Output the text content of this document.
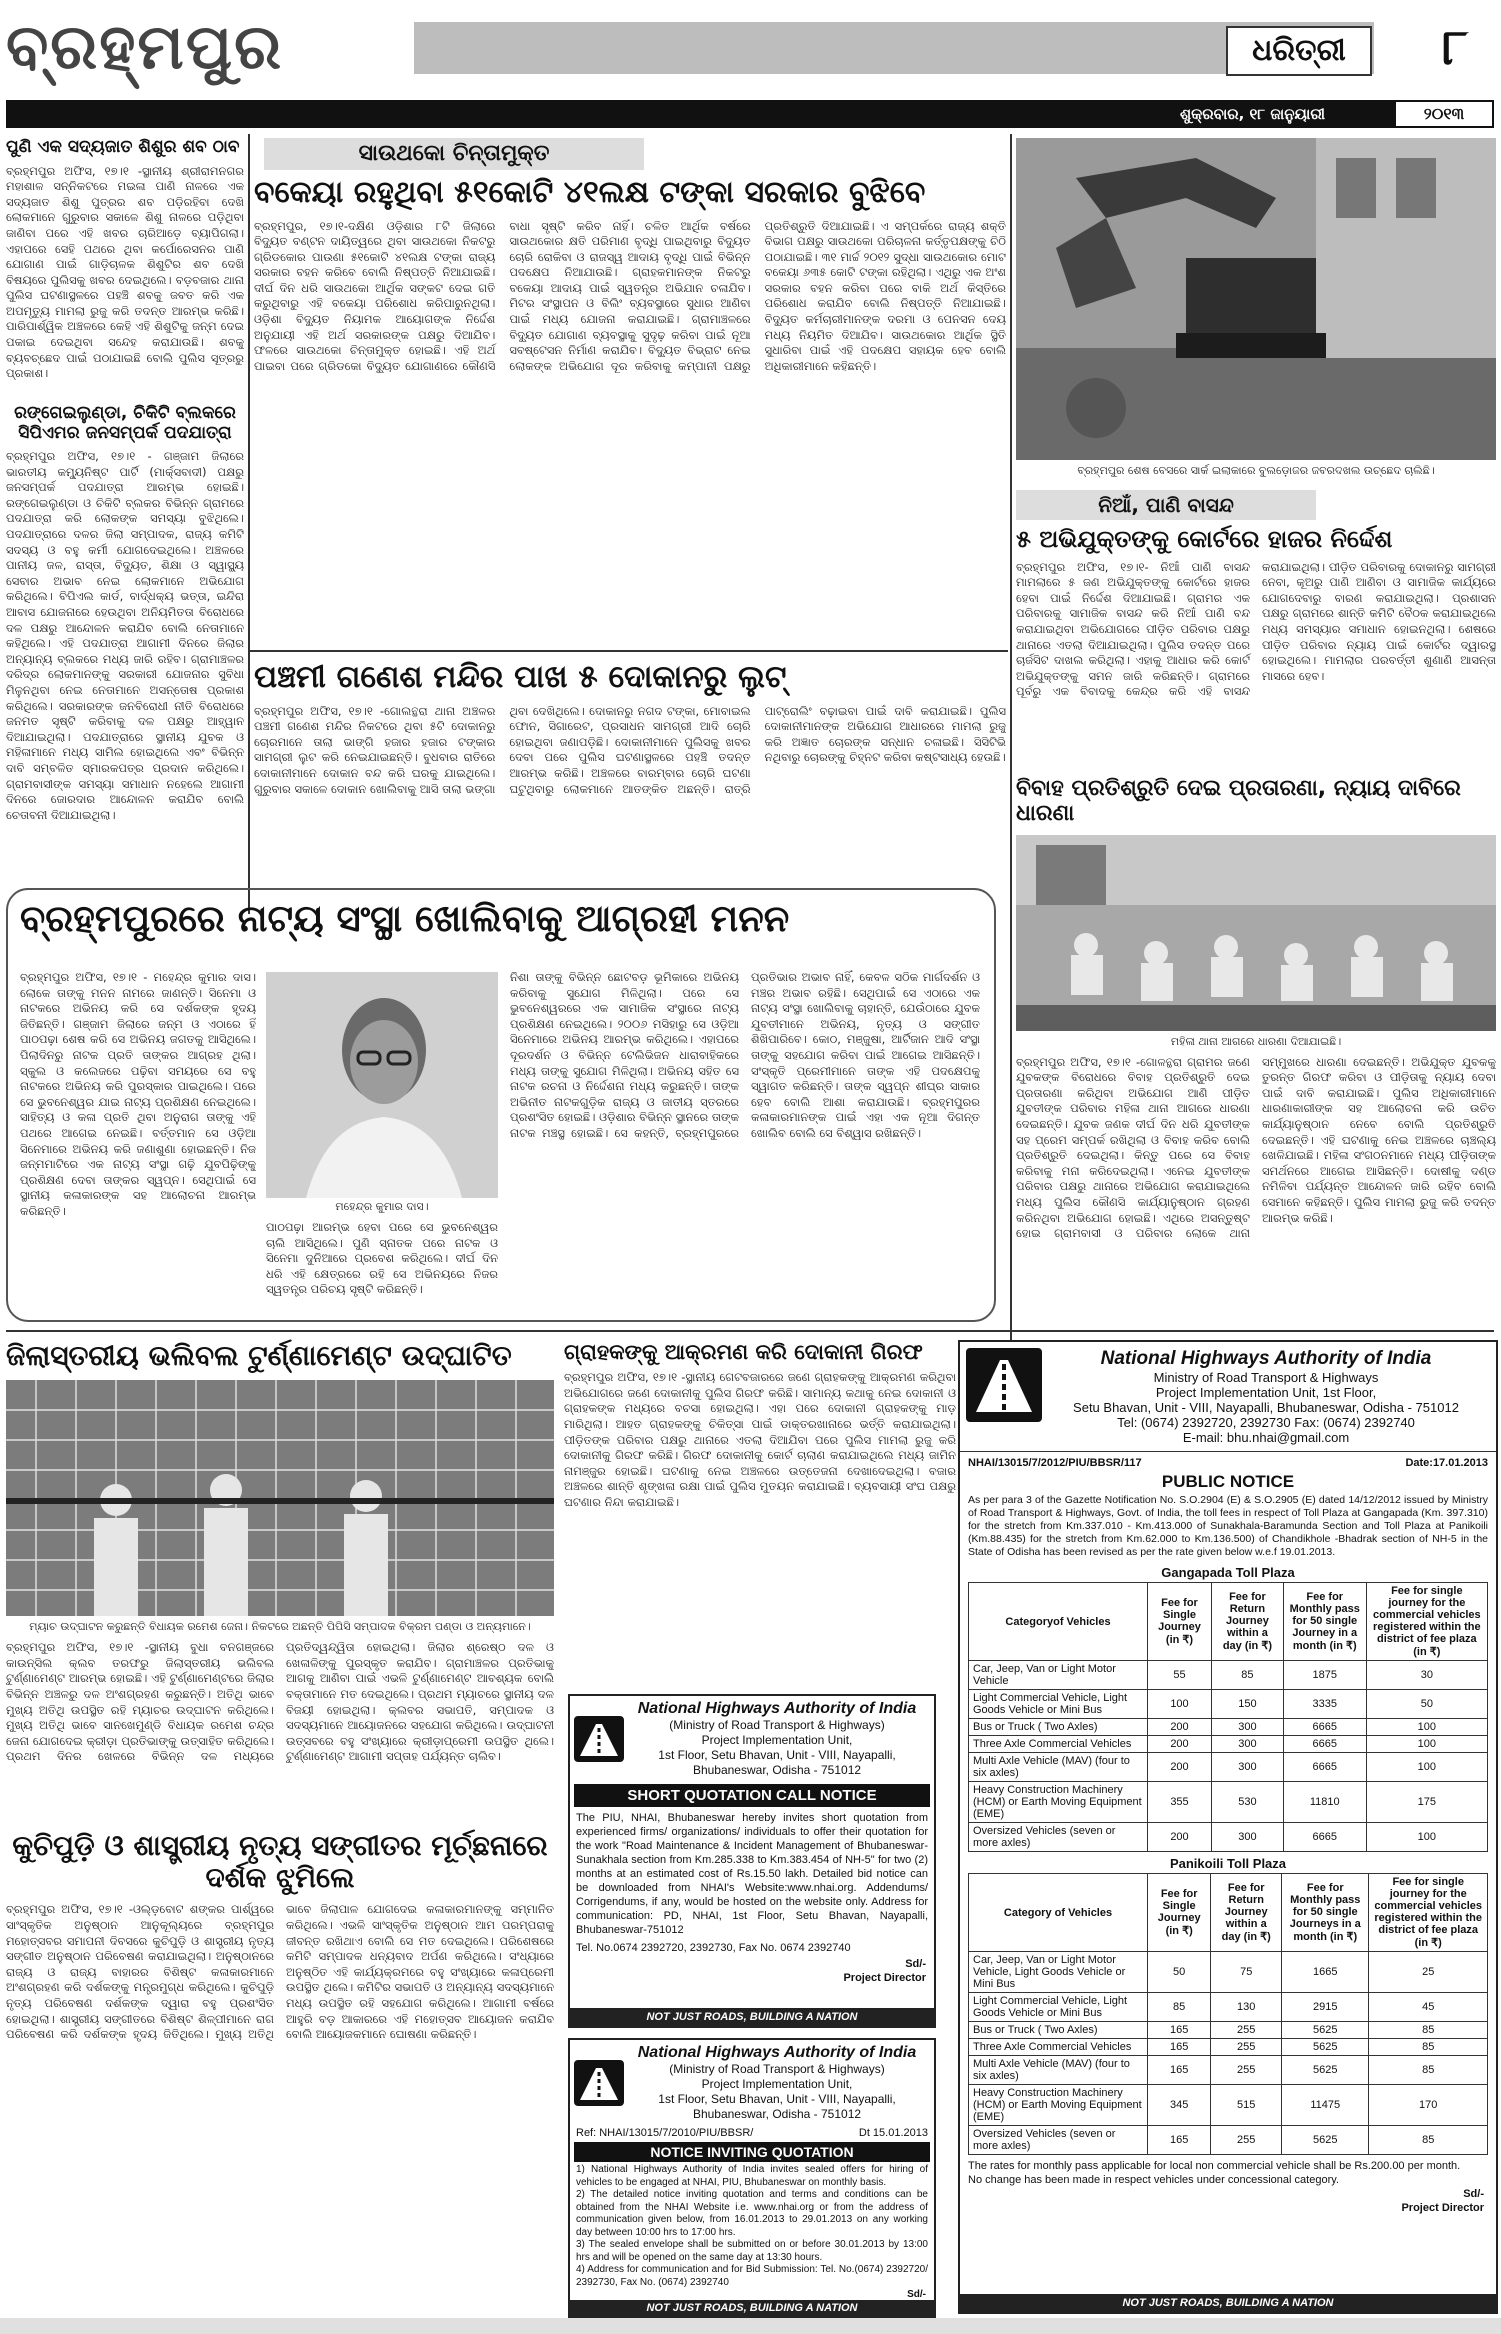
ବ୍ରହ୍ମପୁର	ଧରିତ୍ରୀ	୮
ଶୁକ୍ରବାର, ୧୮ ଜାନୁୟାରୀ	୨୦୧୩
ପୁଣି ଏକ ସଦ୍ୟଜାତ ଶିଶୁର ଶବ ଠାବ
ବ୍ରହ୍ମପୁର ଅଫିସ, ୧୭।୧ -ସ୍ଥାନୀୟ ଶ୍ରୀରାମନଗର ମହାଶାଳ ସନ୍ନିକଟରେ ମଇଳା ପାଣି ନାଳରେ ଏକ ସଦ୍ୟଜାତ ଶିଶୁ ପୁତ୍ରର ଶବ ପଡ଼ିରହିବା ଦେଖି ଲୋକମାନେ ଗୁରୁବାର ସକାଳେ ଶିଶୁ ନାଳରେ ପଡ଼ିଥିବା ଜାଣିବା ପରେ ଏହି ଖବର ଚାରିଆଡ଼େ ବ୍ୟାପିଗଲା। ଏହାପରେ ସେହି ପଥରେ ଥିବା କର୍ପୋରେସନର ପାଣି ଯୋଗାଣ ପାଇଁ ଗାଡ଼ିଚାଳକ ଶିଶୁଟିର ଶବ ଦେଖି ବିଷୟରେ ପୁଲିସକୁ ଖବର ଦେଇଥିଲେ। ବଡ଼ବଜାର ଥାନା ପୁଲିସ ଘଟଣାସ୍ଥଳରେ ପହଞ୍ଚି ଶବକୁ ଜବତ କରି ଏକ ଅପମୃତ୍ୟୁ ମାମଲା ରୁଜୁ କରି ତଦନ୍ତ ଆରମ୍ଭ କରିଛି। ପାରିପାର୍ଶ୍ୱିକ ଅଞ୍ଚଳରେ କେହି ଏହି ଶିଶୁଟିକୁ ଜନ୍ମ ଦେଇ ପକାଇ ଦେଇଥିବା ସନ୍ଦେହ କରାଯାଉଛି। ଶବକୁ ବ୍ୟବଚ୍ଛେଦ ପାଇଁ ପଠାଯାଇଛି ବୋଲି ପୁଲିସ ସୂତ୍ରରୁ ପ୍ରକାଶ।
ରଙ୍ଗେଇଲୁଣ୍ଡା, ଚିକିଟି ବ୍ଲକରେ ସିପିଏମର ଜନସମ୍ପର୍କ ପଦଯାତ୍ରା
ବ୍ରହ୍ମପୁର ଅଫିସ, ୧୭।୧ - ଗଞ୍ଜାମ ଜିଲାରେ ଭାରତୀୟ କମ୍ୟୁନିଷ୍ଟ ପାର୍ଟି (ମାର୍କ୍ସବାଦୀ) ପକ୍ଷରୁ ଜନସମ୍ପର୍କ ପଦଯାତ୍ରା ଆରମ୍ଭ ହୋଇଛି। ରଙ୍ଗେଇଲୁଣ୍ଡା ଓ ଚିକିଟି ବ୍ଲକର ବିଭିନ୍ନ ଗ୍ରାମରେ ପଦଯାତ୍ରା କରି ଲୋକଙ୍କ ସମସ୍ୟା ବୁଝିଥିଲେ। ପଦଯାତ୍ରାରେ ଦଳର ଜିଲା ସମ୍ପାଦକ, ରାଜ୍ୟ କମିଟି ସଦସ୍ୟ ଓ ବହୁ କର୍ମୀ ଯୋଗଦେଇଥିଲେ। ଅଞ୍ଚଳରେ ପାନୀୟ ଜଳ, ରାସ୍ତା, ବିଦ୍ୟୁତ, ଶିକ୍ଷା ଓ ସ୍ୱାସ୍ଥ୍ୟ ସେବାର ଅଭାବ ନେଇ ଲୋକମାନେ ଅଭିଯୋଗ କରିଥିଲେ। ବିପିଏଲ କାର୍ଡ, ବାର୍ଦ୍ଧକ୍ୟ ଭତ୍ତା, ଇନ୍ଦିରା ଆବାସ ଯୋଜନାରେ ହେଉଥିବା ଅନିୟମିତତା ବିରୋଧରେ ଦଳ ପକ୍ଷରୁ ଆନ୍ଦୋଳନ କରାଯିବ ବୋଲି ନେତାମାନେ କହିଥିଲେ। ଏହି ପଦଯାତ୍ରା ଆଗାମୀ ଦିନରେ ଜିଲାର ଅନ୍ୟାନ୍ୟ ବ୍ଲକରେ ମଧ୍ୟ ଜାରି ରହିବ। ଗ୍ରାମାଞ୍ଚଳର ଦରିଦ୍ର ଲୋକମାନଙ୍କୁ ସରକାରୀ ଯୋଜନାର ସୁବିଧା ମିଳୁନଥିବା ନେଇ ନେତାମାନେ ଅସନ୍ତୋଷ ପ୍ରକାଶ କରିଥିଲେ। ସରକାରଙ୍କ ଜନବିରୋଧୀ ନୀତି ବିରୋଧରେ ଜନମତ ସୃଷ୍ଟି କରିବାକୁ ଦଳ ପକ୍ଷରୁ ଆହ୍ୱାନ ଦିଆଯାଇଥିଲା। ପଦଯାତ୍ରାରେ ସ୍ଥାନୀୟ ଯୁବକ ଓ ମହିଳାମାନେ ମଧ୍ୟ ସାମିଲ ହୋଇଥିଲେ ଏବଂ ବିଭିନ୍ନ ଦାବି ସମ୍ବଳିତ ସ୍ମାରକପତ୍ର ପ୍ରଦାନ କରିଥିଲେ। ଗ୍ରାମବାସୀଙ୍କ ସମସ୍ୟା ସମାଧାନ ନହେଲେ ଆଗାମୀ ଦିନରେ ଜୋରଦାର ଆନ୍ଦୋଳନ କରାଯିବ ବୋଲି ଚେତାବନୀ ଦିଆଯାଇଥିଲା।
ସାଉଥକୋ ଚିନ୍ତାମୁକ୍ତ
ବକେୟା ରହୁଥିବା ୫୧କୋଟି ୪୧ଲକ୍ଷ ଟଙ୍କା ସରକାର ବୁଝିବେ
ବ୍ରହ୍ମପୁର, ୧୭।୧-ଦକ୍ଷିଣ ଓଡ଼ିଶାର ୮ଟି ଜିଲାରେ ବିଦ୍ୟୁତ ବଣ୍ଟନ ଦାୟିତ୍ୱରେ ଥିବା ସାଉଥକୋ ନିକଟରୁ ଗ୍ରିଡକୋର ପାଉଣା ୫୧କୋଟି ୪୧ଲକ୍ଷ ଟଙ୍କା ରାଜ୍ୟ ସରକାର ବହନ କରିବେ ବୋଲି ନିଷ୍ପତ୍ତି ନିଆଯାଇଛି। ଦୀର୍ଘ ଦିନ ଧରି ସାଉଥକୋ ଆର୍ଥିକ ସଙ୍କଟ ଦେଇ ଗତି କରୁଥିବାରୁ ଏହି ବକେୟା ପରିଶୋଧ କରିପାରୁନଥିଲା। ଓଡ଼ିଶା ବିଦ୍ୟୁତ ନିୟାମକ ଆୟୋଗଙ୍କ ନିର୍ଦ୍ଦେଶ ଅନୁଯାୟୀ ଏହି ଅର୍ଥ ସରକାରଙ୍କ ପକ୍ଷରୁ ଦିଆଯିବ। ଫଳରେ ସାଉଥକୋ ଚିନ୍ତାମୁକ୍ତ ହୋଇଛି। ଏହି ଅର୍ଥ ପାଇବା ପରେ ଗ୍ରିଡକୋ ବିଦ୍ୟୁତ ଯୋଗାଣରେ କୌଣସି ବାଧା ସୃଷ୍ଟି କରିବ ନାହିଁ। ଚଳିତ ଆର୍ଥିକ ବର୍ଷରେ ସାଉଥକୋର କ୍ଷତି ପରିମାଣ ବୃଦ୍ଧି ପାଇଥିବାରୁ ବିଦ୍ୟୁତ ଚୋରି ରୋକିବା ଓ ରାଜସ୍ୱ ଆଦାୟ ବୃଦ୍ଧି ପାଇଁ ବିଭିନ୍ନ ପଦକ୍ଷେପ ନିଆଯାଉଛି। ଗ୍ରାହକମାନଙ୍କ ନିକଟରୁ ବକେୟା ଆଦାୟ ପାଇଁ ସ୍ୱତନ୍ତ୍ର ଅଭିଯାନ ଚଳାଯିବ। ମିଟର ସଂସ୍ଥାପନ ଓ ବିଲିଂ ବ୍ୟବସ୍ଥାରେ ସୁଧାର ଆଣିବା ପାଇଁ ମଧ୍ୟ ଯୋଜନା କରାଯାଇଛି। ଗ୍ରାମାଞ୍ଚଳରେ ବିଦ୍ୟୁତ ଯୋଗାଣ ବ୍ୟବସ୍ଥାକୁ ସୁଦୃଢ଼ କରିବା ପାଇଁ ନୂଆ ସବଷ୍ଟେସନ ନିର୍ମାଣ କରାଯିବ। ବିଦ୍ୟୁତ ବିଭ୍ରାଟ ନେଇ ଲୋକଙ୍କ ଅଭିଯୋଗ ଦୂର କରିବାକୁ କମ୍ପାନୀ ପକ୍ଷରୁ ପ୍ରତିଶ୍ରୁତି ଦିଆଯାଇଛି। ଏ ସମ୍ପର୍କରେ ରାଜ୍ୟ ଶକ୍ତି ବିଭାଗ ପକ୍ଷରୁ ସାଉଥକୋ ପରିଚାଳନା କର୍ତ୍ତୃପକ୍ଷଙ୍କୁ ଚିଠି ପଠାଯାଇଛି। ୩୧ ମାର୍ଚ୍ଚ ୨୦୧୨ ସୁଦ୍ଧା ସାଉଥକୋର ମୋଟ ବକେୟା ୬୩୫ କୋଟି ଟଙ୍କା ରହିଥିଲା। ଏଥିରୁ ଏକ ଅଂଶ ସରକାର ବହନ କରିବା ପରେ ବାକି ଅର୍ଥ କିସ୍ତିରେ ପରିଶୋଧ କରାଯିବ ବୋଲି ନିଷ୍ପତ୍ତି ନିଆଯାଇଛି। ବିଦ୍ୟୁତ କର୍ମଚାରୀମାନଙ୍କ ଦରମା ଓ ପେନସନ ଦେୟ ମଧ୍ୟ ନିୟମିତ ଦିଆଯିବ। ସାଉଥକୋର ଆର୍ଥିକ ସ୍ଥିତି ସୁଧାରିବା ପାଇଁ ଏହି ପଦକ୍ଷେପ ସହାୟକ ହେବ ବୋଲି ଅଧିକାରୀମାନେ କହିଛନ୍ତି।
ବ୍ରହ୍ମପୁର ଶେଷ ବେସରେ ସାର୍କ ଇଲାକାରେ ବୁଲଡ଼ୋଜର ଜବରଦଖଲ ଉଚ୍ଛେଦ ଚାଲିଛି।
ନିଆଁ, ପାଣି ବାସନ୍ଦ
୫ ଅଭିଯୁକ୍ତଙ୍କୁ କୋର୍ଟରେ ହାଜର ନିର୍ଦ୍ଦେଶ
ବ୍ରହ୍ମପୁର ଅଫିସ, ୧୭।୧- ନିଆଁ ପାଣି ବାସନ୍ଦ ମାମଲାରେ ୫ ଜଣ ଅଭିଯୁକ୍ତଙ୍କୁ କୋର୍ଟରେ ହାଜର ହେବା ପାଇଁ ନିର୍ଦ୍ଦେଶ ଦିଆଯାଇଛି। ଗ୍ରାମର ଏକ ପରିବାରକୁ ସାମାଜିକ ବାସନ୍ଦ କରି ନିଆଁ ପାଣି ବନ୍ଦ କରାଯାଇଥିବା ଅଭିଯୋଗରେ ପୀଡ଼ିତ ପରିବାର ପକ୍ଷରୁ ଥାନାରେ ଏତଲା ଦିଆଯାଇଥିଲା। ପୁଲିସ ତଦନ୍ତ ପରେ ଚାର୍ଜସିଟ ଦାଖଲ କରିଥିଲା। ଏହାକୁ ଆଧାର କରି କୋର୍ଟ ଅଭିଯୁକ୍ତଙ୍କୁ ସମନ ଜାରି କରିଛନ୍ତି। ଗ୍ରାମରେ ପୂର୍ବରୁ ଏକ ବିବାଦକୁ କେନ୍ଦ୍ର କରି ଏହି ବାସନ୍ଦ କରାଯାଇଥିଲା। ପୀଡ଼ିତ ପରିବାରକୁ ଦୋକାନରୁ ସାମଗ୍ରୀ ନେବା, କୂଅରୁ ପାଣି ଆଣିବା ଓ ସାମାଜିକ କାର୍ଯ୍ୟରେ ଯୋଗଦେବାରୁ ବାରଣ କରାଯାଇଥିଲା। ପ୍ରଶାସନ ପକ୍ଷରୁ ଗ୍ରାମରେ ଶାନ୍ତି କମିଟି ବୈଠକ କରାଯାଇଥିଲେ ମଧ୍ୟ ସମସ୍ୟାର ସମାଧାନ ହୋଇନଥିଲା। ଶେଷରେ ପୀଡ଼ିତ ପରିବାର ନ୍ୟାୟ ପାଇଁ କୋର୍ଟର ଦ୍ୱାରସ୍ଥ ହୋଇଥିଲେ। ମାମଲାର ପରବର୍ତ୍ତୀ ଶୁଣାଣି ଆସନ୍ତା ମାସରେ ହେବ।
ପଞ୍ଚମୀ ଗଣେଶ ମନ୍ଦିର ପାଖ ୫ ଦୋକାନରୁ ଲୁଟ୍
ବ୍ରହ୍ମପୁର ଅଫିସ, ୧୭।୧ -ଗୋଲନ୍ଥରା ଥାନା ଅଞ୍ଚଳର ପଞ୍ଚମୀ ଗଣେଶ ମନ୍ଦିର ନିକଟରେ ଥିବା ୫ଟି ଦୋକାନରୁ ଚୋରମାନେ ତାଲା ଭାଙ୍ଗି ହଜାର ହଜାର ଟଙ୍କାର ସାମଗ୍ରୀ ଲୁଟ କରି ନେଇଯାଇଛନ୍ତି। ବୁଧବାର ରାତିରେ ଦୋକାନୀମାନେ ଦୋକାନ ବନ୍ଦ କରି ଘରକୁ ଯାଇଥିଲେ। ଗୁରୁବାର ସକାଳେ ଦୋକାନ ଖୋଲିବାକୁ ଆସି ତାଲା ଭଙ୍ଗା ଥିବା ଦେଖିଥିଲେ। ଦୋକାନରୁ ନଗଦ ଟଙ୍କା, ମୋବାଇଲ ଫୋନ, ସିଗାରେଟ, ପ୍ରସାଧନ ସାମଗ୍ରୀ ଆଦି ଚୋରି ହୋଇଥିବା ଜଣାପଡ଼ିଛି। ଦୋକାନୀମାନେ ପୁଲିସକୁ ଖବର ଦେବା ପରେ ପୁଲିସ ଘଟଣାସ୍ଥଳରେ ପହଞ୍ଚି ତଦନ୍ତ ଆରମ୍ଭ କରିଛି। ଅଞ୍ଚଳରେ ବାରମ୍ବାର ଚୋରି ଘଟଣା ଘଟୁଥିବାରୁ ଲୋକମାନେ ଆତଙ୍କିତ ଅଛନ୍ତି। ରାତ୍ରି ପାଟ୍ରୋଲିଂ ବଢ଼ାଇବା ପାଇଁ ଦାବି କରାଯାଇଛି। ପୁଲିସ ଦୋକାନୀମାନଙ୍କ ଅଭିଯୋଗ ଆଧାରରେ ମାମଲା ରୁଜୁ କରି ଅଜ୍ଞାତ ଚୋରଙ୍କ ସନ୍ଧାନ ଚଳାଇଛି। ସିସିଟିଭି ନଥିବାରୁ ଚୋରଙ୍କୁ ଚିହ୍ନଟ କରିବା କଷ୍ଟସାଧ୍ୟ ହେଉଛି।
ବ୍ରହ୍ମପୁରରେ ନାଟ୍ୟ ସଂସ୍ଥା ଖୋଲିବାକୁ ଆଗ୍ରହୀ ମନନ
ବ୍ରହ୍ମପୁର ଅଫିସ, ୧୭।୧ - ମହେନ୍ଦ୍ର କୁମାର ଦାସ। ଲୋକେ ତାଙ୍କୁ ମନନ ନାମରେ ଜାଣନ୍ତି। ସିନେମା ଓ ନାଟକରେ ଅଭିନୟ କରି ସେ ଦର୍ଶକଙ୍କ ହୃଦୟ ଜିତିଛନ୍ତି। ଗଞ୍ଜାମ ଜିଲାରେ ଜନ୍ମ ଓ ଏଠାରେ ହିଁ ପାଠପଢ଼ା ଶେଷ କରି ସେ ଅଭିନୟ ଜଗତକୁ ଆସିଥିଲେ। ପିଲାଦିନରୁ ନାଟକ ପ୍ରତି ତାଙ୍କର ଆଗ୍ରହ ଥିଲା। ସ୍କୁଲ ଓ କଲେଜରେ ପଢ଼ିବା ସମୟରେ ସେ ବହୁ ନାଟକରେ ଅଭିନୟ କରି ପୁରସ୍କାର ପାଇଥିଲେ। ପରେ ସେ ଭୁବନେଶ୍ୱର ଯାଇ ନାଟ୍ୟ ପ୍ରଶିକ୍ଷଣ ନେଇଥିଲେ। ସାହିତ୍ୟ ଓ କଳା ପ୍ରତି ଥିବା ଅନୁରାଗ ତାଙ୍କୁ ଏହି ପଥରେ ଆଗେଇ ନେଇଛି। ବର୍ତ୍ତମାନ ସେ ଓଡ଼ିଆ ସିନେମାରେ ଅଭିନୟ କରି ଜଣାଶୁଣା ହୋଇଛନ୍ତି। ନିଜ ଜନ୍ମମାଟିରେ ଏକ ନାଟ୍ୟ ସଂସ୍ଥା ଗଢ଼ି ଯୁବପିଢ଼ିଙ୍କୁ ପ୍ରଶିକ୍ଷଣ ଦେବା ତାଙ୍କର ସ୍ୱପ୍ନ। ସେଥିପାଇଁ ସେ ସ୍ଥାନୀୟ କଳାକାରଙ୍କ ସହ ଆଲୋଚନା ଆରମ୍ଭ କରିଛନ୍ତି।	ମହେନ୍ଦ୍ର କୁମାର ଦାସ।
ପାଠପଢ଼ା ଆରମ୍ଭ ହେବା ପରେ ସେ ଭୁବନେଶ୍ୱର ଚାଲି ଆସିଥିଲେ। ପୁଣି ସ୍ନାତକ ପରେ ନାଟକ ଓ ସିନେମା ଦୁନିଆରେ ପ୍ରବେଶ କରିଥିଲେ। ଦୀର୍ଘ ଦିନ ଧରି ଏହି କ୍ଷେତ୍ରରେ ରହି ସେ ଅଭିନୟରେ ନିଜର ସ୍ୱତନ୍ତ୍ର ପରିଚୟ ସୃଷ୍ଟି କରିଛନ୍ତି।
ନିଶା ତାଙ୍କୁ ବିଭିନ୍ନ ଛୋଟବଡ଼ ଭୂମିକାରେ ଅଭିନୟ କରିବାକୁ ସୁଯୋଗ ମିଳିଥିଲା। ପରେ ସେ ଭୁବନେଶ୍ୱରରେ ଏକ ସାମାଜିକ ସଂସ୍ଥାରେ ନାଟ୍ୟ ପ୍ରଶିକ୍ଷଣ ନେଇଥିଲେ। ୨୦୦୬ ମସିହାରୁ ସେ ଓଡ଼ିଆ ସିନେମାରେ ଅଭିନୟ ଆରମ୍ଭ କରିଥିଲେ। ଏହାପରେ ଦୂରଦର୍ଶନ ଓ ବିଭିନ୍ନ ଟେଲିଭିଜନ ଧାରାବାହିକରେ ମଧ୍ୟ ତାଙ୍କୁ ସୁଯୋଗ ମିଳିଥିଲା। ଅଭିନୟ ସହିତ ସେ ନାଟକ ରଚନା ଓ ନିର୍ଦ୍ଦେଶନା ମଧ୍ୟ କରୁଛନ୍ତି। ତାଙ୍କ ଅଭିନୀତ ନାଟକଗୁଡ଼ିକ ରାଜ୍ୟ ଓ ଜାତୀୟ ସ୍ତରରେ ପ୍ରଶଂସିତ ହୋଇଛି। ଓଡ଼ିଶାର ବିଭିନ୍ନ ସ୍ଥାନରେ ତାଙ୍କ ନାଟକ ମଞ୍ଚସ୍ଥ ହୋଇଛି। ସେ କହନ୍ତି, ବ୍ରହ୍ମପୁରରେ ପ୍ରତିଭାର ଅଭାବ ନାହିଁ, କେବଳ ସଠିକ ମାର୍ଗଦର୍ଶନ ଓ ମଞ୍ଚର ଅଭାବ ରହିଛି। ସେଥିପାଇଁ ସେ ଏଠାରେ ଏକ ନାଟ୍ୟ ସଂସ୍ଥା ଖୋଲିବାକୁ ଚାହାନ୍ତି, ଯେଉଁଠାରେ ଯୁବକ ଯୁବତୀମାନେ ଅଭିନୟ, ନୃତ୍ୟ ଓ ସଙ୍ଗୀତ ଶିଖିପାରିବେ। କୋଠ, ମଞ୍ଜୁଷା, ଆର୍ଟିଜାନ ଆଦି ସଂସ୍ଥା ତାଙ୍କୁ ସହଯୋଗ କରିବା ପାଇଁ ଆଗେଇ ଆସିଛନ୍ତି। ସଂସ୍କୃତି ପ୍ରେମୀମାନେ ତାଙ୍କ ଏହି ପଦକ୍ଷେପକୁ ସ୍ୱାଗତ କରିଛନ୍ତି। ତାଙ୍କ ସ୍ୱପ୍ନ ଶୀଘ୍ର ସାକାର ହେବ ବୋଲି ଆଶା କରାଯାଉଛି। ବ୍ରହ୍ମପୁରର କଳାକାରମାନଙ୍କ ପାଇଁ ଏହା ଏକ ନୂଆ ଦିଗନ୍ତ ଖୋଲିବ ବୋଲି ସେ ବିଶ୍ୱାସ ରଖିଛନ୍ତି।
ବିବାହ ପ୍ରତିଶ୍ରୁତି ଦେଇ ପ୍ରତାରଣା, ନ୍ୟାୟ ଦାବିରେ ଧାରଣା
ମହିଳା ଥାନା ଆଗରେ ଧାରଣା ଦିଆଯାଇଛି।
ବ୍ରହ୍ମପୁର ଅଫିସ, ୧୭।୧ -ଗୋଳନ୍ଥରା ଗ୍ରାମର ଜଣେ ଯୁବକଙ୍କ ବିରୋଧରେ ବିବାହ ପ୍ରତିଶ୍ରୁତି ଦେଇ ପ୍ରତାରଣା କରିଥିବା ଅଭିଯୋଗ ଆଣି ପୀଡ଼ିତ ଯୁବତୀଙ୍କ ପରିବାର ମହିଳା ଥାନା ଆଗରେ ଧାରଣା ଦେଇଛନ୍ତି। ଯୁବକ ଜଣକ ଦୀର୍ଘ ଦିନ ଧରି ଯୁବତୀଙ୍କ ସହ ପ୍ରେମ ସମ୍ପର୍କ ରଖିଥିଲା ଓ ବିବାହ କରିବ ବୋଲି ପ୍ରତିଶ୍ରୁତି ଦେଇଥିଲା। କିନ୍ତୁ ପରେ ସେ ବିବାହ କରିବାକୁ ମନା କରିଦେଇଥିଲା। ଏନେଇ ଯୁବତୀଙ୍କ ପରିବାର ପକ୍ଷରୁ ଥାନାରେ ଅଭିଯୋଗ କରାଯାଇଥିଲେ ମଧ୍ୟ ପୁଲିସ କୌଣସି କାର୍ଯ୍ୟାନୁଷ୍ଠାନ ଗ୍ରହଣ କରିନଥିବା ଅଭିଯୋଗ ହୋଇଛି। ଏଥିରେ ଅସନ୍ତୁଷ୍ଟ ହୋଇ ଗ୍ରାମବାସୀ ଓ ପରିବାର ଲୋକେ ଥାନା ସମ୍ମୁଖରେ ଧାରଣା ଦେଇଛନ୍ତି। ଅଭିଯୁକ୍ତ ଯୁବକକୁ ତୁରନ୍ତ ଗିରଫ କରିବା ଓ ପୀଡ଼ିତାକୁ ନ୍ୟାୟ ଦେବା ପାଇଁ ଦାବି କରାଯାଇଛି। ପୁଲିସ ଅଧିକାରୀମାନେ ଧାରଣାକାରୀଙ୍କ ସହ ଆଲୋଚନା କରି ଉଚିତ କାର୍ଯ୍ୟାନୁଷ୍ଠାନ ନେବେ ବୋଲି ପ୍ରତିଶ୍ରୁତି ଦେଇଛନ୍ତି। ଏହି ଘଟଣାକୁ ନେଇ ଅଞ୍ଚଳରେ ଚାଞ୍ଚଲ୍ୟ ଖେଳିଯାଇଛି। ମହିଳା ସଂଗଠନମାନେ ମଧ୍ୟ ପୀଡ଼ିତାଙ୍କ ସମର୍ଥନରେ ଆଗେଇ ଆସିଛନ୍ତି। ଦୋଷୀକୁ ଦଣ୍ଡ ନମିଳିବା ପର୍ଯ୍ୟନ୍ତ ଆନ୍ଦୋଳନ ଜାରି ରହିବ ବୋଲି ସେମାନେ କହିଛନ୍ତି। ପୁଲିସ ମାମଲା ରୁଜୁ କରି ତଦନ୍ତ ଆରମ୍ଭ କରିଛି।
ଜିଲାସ୍ତରୀୟ ଭଲିବଲ ଟୁର୍ଣ୍ଣାମେଣ୍ଟ ଉଦ୍‌ଘାଟିତ
ମ୍ୟାଚ ଉଦ୍‌ଘାଟନ କରୁଛନ୍ତି ବିଧାୟକ ରମେଶ ଜେନା। ନିକଟରେ ଅଛନ୍ତି ପିପିସି ସମ୍ପାଦକ ବିକ୍ରମ ପଣ୍ଡା ଓ ଅନ୍ୟମାନେ।
ବ୍ରହ୍ମପୁର ଅଫିସ, ୧୭।୧ -ସ୍ଥାନୀୟ ବୁଧା ବନଗଞ୍ଜରେ କାଉନ୍ସିଲ କ୍ଲବ ତରଫରୁ ଜିଲାସ୍ତରୀୟ ଭଲିବଲ ଟୁର୍ଣ୍ଣାମେଣ୍ଟ ଆରମ୍ଭ ହୋଇଛି। ଏହି ଟୁର୍ଣ୍ଣାମେଣ୍ଟରେ ଜିଲାର ବିଭିନ୍ନ ଅଞ୍ଚଳରୁ ଦଳ ଅଂଶଗ୍ରହଣ କରୁଛନ୍ତି। ଅତିଥି ଭାବେ ମୁଖ୍ୟ ଅତିଥି ଉପସ୍ଥିତ ରହି ମ୍ୟାଚର ଉଦ୍‌ଘାଟନ କରିଥିଲେ। ମୁଖ୍ୟ ଅତିଥି ଭାବେ ସାନଖେମୁଣ୍ଡି ବିଧାୟକ ରମେଶ ଚନ୍ଦ୍ର ଜେନା ଯୋଗଦେଇ କ୍ରୀଡ଼ା ପ୍ରତିଭାଙ୍କୁ ଉତ୍ସାହିତ କରିଥିଲେ। ପ୍ରଥମ ଦିନର ଖେଳରେ ବିଭିନ୍ନ ଦଳ ମଧ୍ୟରେ ପ୍ରତିଦ୍ୱନ୍ଦ୍ୱିତା ହୋଇଥିଲା। ଜିଲାର ଶ୍ରେଷ୍ଠ ଦଳ ଓ ଖେଳାଳିଙ୍କୁ ପୁରସ୍କୃତ କରାଯିବ। ଗ୍ରାମାଞ୍ଚଳର ପ୍ରତିଭାକୁ ଆଗକୁ ଆଣିବା ପାଇଁ ଏଭଳି ଟୁର୍ଣ୍ଣାମେଣ୍ଟ ଆବଶ୍ୟକ ବୋଲି ବକ୍ତାମାନେ ମତ ଦେଇଥିଲେ। ପ୍ରଥମ ମ୍ୟାଚରେ ସ୍ଥାନୀୟ ଦଳ ବିଜୟୀ ହୋଇଥିଲା। କ୍ଲବର ସଭାପତି, ସମ୍ପାଦକ ଓ ସଦସ୍ୟମାନେ ଆୟୋଜନରେ ସହଯୋଗ କରିଥିଲେ। ଉଦ୍‌ଘାଟନୀ ଉତ୍ସବରେ ବହୁ ସଂଖ୍ୟାରେ କ୍ରୀଡ଼ାପ୍ରେମୀ ଉପସ୍ଥିତ ଥିଲେ। ଟୁର୍ଣ୍ଣାମେଣ୍ଟ ଆଗାମୀ ସପ୍ତାହ ପର୍ଯ୍ୟନ୍ତ ଚାଲିବ।
କୁଚିପୁଡ଼ି ଓ ଶାସ୍ତ୍ରୀୟ ନୃତ୍ୟ ସଙ୍ଗୀତର ମୂର୍ଚ୍ଛନାରେ ଦର୍ଶକ ଝୁମିଲେ
ବ୍ରହ୍ମପୁର ଅଫିସ, ୧୭।୧ -ଓଲ୍ଡ଼ବୋଟ ଶଙ୍କର ପାର୍ଶ୍ୱରେ ସାଂସ୍କୃତିକ ଅନୁଷ୍ଠାନ ଆନୁକୂଲ୍ୟରେ ବ୍ରହ୍ମପୁର ମହୋତ୍ସବର ସମାପନୀ ଦିବସରେ କୁଚିପୁଡ଼ି ଓ ଶାସ୍ତ୍ରୀୟ ନୃତ୍ୟ ସଙ୍ଗୀତ ଅନୁଷ୍ଠାନ ପରିବେଷଣ କରାଯାଇଥିଲା। ଅନୁଷ୍ଠାନରେ ରାଜ୍ୟ ଓ ରାଜ୍ୟ ବାହାରର ବିଶିଷ୍ଟ କଳାକାରମାନେ ଅଂଶଗ୍ରହଣ କରି ଦର୍ଶକଙ୍କୁ ମନ୍ତ୍ରମୁଗ୍ଧ କରିଥିଲେ। କୁଚିପୁଡ଼ି ନୃତ୍ୟ ପରିବେଷଣ ଦର୍ଶକଙ୍କ ଦ୍ୱାରା ବହୁ ପ୍ରଶଂସିତ ହୋଇଥିଲା। ଶାସ୍ତ୍ରୀୟ ସଙ୍ଗୀତରେ ବିଶିଷ୍ଟ ଶିଳ୍ପୀମାନେ ରାଗ ପରିବେଷଣ କରି ଦର୍ଶକଙ୍କ ହୃଦୟ ଜିତିଥିଲେ। ମୁଖ୍ୟ ଅତିଥି ଭାବେ ଜିଲାପାଳ ଯୋଗଦେଇ କଳାକାରମାନଙ୍କୁ ସମ୍ମାନିତ କରିଥିଲେ। ଏଭଳି ସାଂସ୍କୃତିକ ଅନୁଷ୍ଠାନ ଆମ ପରମ୍ପରାକୁ ଜୀବନ୍ତ ରଖିଥାଏ ବୋଲି ସେ ମତ ଦେଇଥିଲେ। ପରିଶେଷରେ କମିଟି ସମ୍ପାଦକ ଧନ୍ୟବାଦ ଅର୍ପଣ କରିଥିଲେ। ସଂଧ୍ୟାରେ ଅନୁଷ୍ଠିତ ଏହି କାର୍ଯ୍ୟକ୍ରମରେ ବହୁ ସଂଖ୍ୟାରେ କଳାପ୍ରେମୀ ଉପସ୍ଥିତ ଥିଲେ। କମିଟିର ସଭାପତି ଓ ଅନ୍ୟାନ୍ୟ ସଦସ୍ୟମାନେ ମଧ୍ୟ ଉପସ୍ଥିତ ରହି ସହଯୋଗ କରିଥିଲେ। ଆଗାମୀ ବର୍ଷରେ ଆହୁରି ବଡ଼ ଆକାରରେ ଏହି ମହୋତ୍ସବ ଆୟୋଜନ କରାଯିବ ବୋଲି ଆୟୋଜକମାନେ ଘୋଷଣା କରିଛନ୍ତି।
ଗ୍ରାହକଙ୍କୁ ଆକ୍ରମଣ କରି ଦୋକାନୀ ଗିରଫ
ବ୍ରହ୍ମପୁର ଅଫିସ, ୧୭।୧ -ସ୍ଥାନୀୟ ଗେଟବଜାରରେ ଜଣେ ଗ୍ରାହକଙ୍କୁ ଆକ୍ରମଣ କରିଥିବା ଅଭିଯୋଗରେ ଜଣେ ଦୋକାନୀକୁ ପୁଲିସ ଗିରଫ କରିଛି। ସାମାନ୍ୟ କଥାକୁ ନେଇ ଦୋକାନୀ ଓ ଗ୍ରାହକଙ୍କ ମଧ୍ୟରେ ବଚସା ହୋଇଥିଲା। ଏହା ପରେ ଦୋକାନୀ ଗ୍ରାହକଙ୍କୁ ମାଡ଼ ମାରିଥିଲା। ଆହତ ଗ୍ରାହକଙ୍କୁ ଚିକିତ୍ସା ପାଇଁ ଡାକ୍ତରଖାନାରେ ଭର୍ତ୍ତି କରାଯାଇଥିଲା। ପୀଡ଼ିତଙ୍କ ପରିବାର ପକ୍ଷରୁ ଥାନାରେ ଏତଲା ଦିଆଯିବା ପରେ ପୁଲିସ ମାମଲା ରୁଜୁ କରି ଦୋକାନୀକୁ ଗିରଫ କରିଛି। ଗିରଫ ଦୋକାନୀକୁ କୋର୍ଟ ଚାଲାଣ କରାଯାଇଥିଲେ ମଧ୍ୟ ଜାମିନ ନାମଞ୍ଜୁର ହୋଇଛି। ଘଟଣାକୁ ନେଇ ଅଞ୍ଚଳରେ ଉତ୍ତେଜନା ଦେଖାଦେଇଥିଲା। ବଜାର ଅଞ୍ଚଳରେ ଶାନ୍ତି ଶୃଙ୍ଖଳା ରକ୍ଷା ପାଇଁ ପୁଲିସ ମୁତୟନ କରାଯାଇଛି। ବ୍ୟବସାୟୀ ସଂଘ ପକ୍ଷରୁ ଘଟଣାର ନିନ୍ଦା କରାଯାଇଛି।
National Highways Authority of India
(Ministry of Road Transport & Highways)
Project Implementation Unit,
1st Floor, Setu Bhavan, Unit - VIII, Nayapalli, Bhubaneswar, Odisha - 751012
SHORT QUOTATION CALL NOTICE
The PIU, NHAI, Bhubaneswar hereby invites short quotation from experienced firms/ organizations/ individuals to offer their quotation for the work "Road Maintenance & Incident Management of Bhubaneswar-Sunakhala section from Km.285.338 to Km.383.454 of NH-5" for two (2) months at an estimated cost of Rs.15.50 lakh. Detailed bid notice can be downloaded from NHAI's Website:www.nhai.org. Addendums/ Corrigendums, if any, would be hosted on the website only. Address for communication: PD, NHAI, 1st Floor, Setu Bhavan, Nayapalli, Bhubaneswar-751012
Tel. No.0674 2392720, 2392730, Fax No. 0674 2392740
Sd/-
Project Director
NOT JUST ROADS, BUILDING A NATION
National Highways Authority of India
(Ministry of Road Transport & Highways)
Project Implementation Unit,
1st Floor, Setu Bhavan, Unit - VIII, Nayapalli, Bhubaneswar, Odisha - 751012
Ref: NHAI/13015/7/2010/PIU/BBSR/	Dt 15.01.2013
NOTICE INVITING QUOTATION
1) National Highways Authority of India invites sealed offers for hiring of vehicles to be engaged at NHAI, PIU, Bhubaneswar on monthly basis.
2) The detailed notice inviting quotation and terms and conditions can be obtained from the NHAI Website i.e. www.nhai.org or from the address of communication given below, from 16.01.2013 to 29.01.2013 on any working day between 10:00 hrs to 17:00 hrs.
3) The sealed envelope shall be submitted on or before 30.01.2013 by 13:00 hrs and will be opened on the same day at 13:30 hours.
4) Address for communication and for Bid Submission: Tel. No.(0674) 2392720/ 2392730, Fax No. (0674) 2392740
Sd/-
NOT JUST ROADS, BUILDING A NATION
National Highways Authority of India
Ministry of Road Transport & Highways
Project Implementation Unit, 1st Floor,
Setu Bhavan, Unit - VIII, Nayapalli, Bhubaneswar, Odisha - 751012
Tel: (0674) 2392720, 2392730 Fax: (0674) 2392740
E-mail: bhu.nhai@gmail.com
NHAI/13015/7/2012/PIU/BBSR/117	Date:17.01.2013
PUBLIC NOTICE
As per para 3 of the Gazette Notification No. S.O.2904 (E) & S.O.2905 (E) dated 14/12/2012 issued by Ministry of Road Transport & Highways, Govt. of India, the toll fees in respect of Toll Plaza at Gangapada (Km. 397.310) for the stretch from Km.337.010 - Km.413.000 of Sunakhala-Baramunda Section and Toll Plaza at Panikoili (Km.88.435) for the stretch from Km.62.000 to Km.136.500) of Chandikhole -Bhadrak section of NH-5 in the State of Odisha has been revised as per the rate given below w.e.f 19.01.2013.
Gangapada Toll Plaza
Categoryof Vehicles	Fee for Single Journey (in ₹)	Fee for Return Journey within a day (in ₹)	Fee for Monthly pass for 50 single Journey in a month (in ₹)	Fee for single journey for the commercial vehicles registered within the district of fee plaza (in ₹)
Car, Jeep, Van or Light Motor Vehicle	55	85	1875	30
Light Commercial Vehicle, Light Goods Vehicle or Mini Bus	100	150	3335	50
Bus or Truck ( Two Axles)	200	300	6665	100
Three Axle Commercial Vehicles	200	300	6665	100
Multi Axle Vehicle (MAV) (four to six axles)	200	300	6665	100
Heavy Construction Machinery (HCM) or Earth Moving Equipment (EME)	355	530	11810	175
Oversized Vehicles (seven or more axles)	200	300	6665	100
Panikoili Toll Plaza
Category of Vehicles	Fee for Single Journey (in ₹)	Fee for Return Journey within a day (in ₹)	Fee for Monthly pass for 50 single Journeys in a month (in ₹)	Fee for single journey for the commercial vehicles registered within the district of fee plaza (in ₹)
Car, Jeep, Van or Light Motor Vehicle, Light Goods Vehicle or Mini Bus	50	75	1665	25
Light Commercial Vehicle, Light Goods Vehicle or Mini Bus	85	130	2915	45
Bus or Truck ( Two Axles)	165	255	5625	85
Three Axle Commercial Vehicles	165	255	5625	85
Multi Axle Vehicle (MAV) (four to six axles)	165	255	5625	85
Heavy Construction Machinery (HCM) or Earth Moving Equipment (EME)	345	515	11475	170
Oversized Vehicles (seven or more axles)	165	255	5625	85
The rates for monthly pass applicable for local non commercial vehicle shall be Rs.200.00 per month.
No change has been made in respect vehicles under concessional category.
Sd/-
Project Director
NOT JUST ROADS, BUILDING A NATION
